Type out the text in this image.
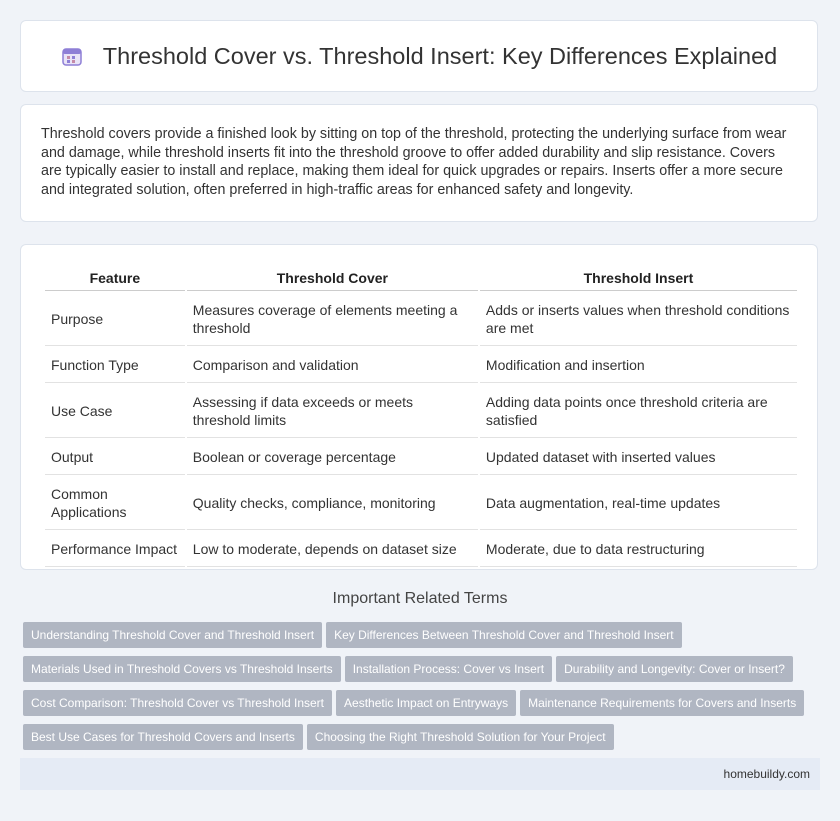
Threshold Cover vs. Threshold Insert: Key Differences Explained

Threshold covers provide a finished look by sitting on top of the threshold, protecting the underlying surface from wear and damage, while threshold inserts fit into the threshold groove to offer added durability and slip resistance. Covers are typically easier to install and replace, making them ideal for quick upgrades or repairs. Inserts offer a more secure and integrated solution, often preferred in high-traffic areas for enhanced safety and longevity.

Feature	Threshold Cover	Threshold Insert
Purpose	Measures coverage of elements meeting a threshold	Adds or inserts values when threshold conditions are met
Function Type	Comparison and validation	Modification and insertion
Use Case	Assessing if data exceeds or meets threshold limits	Adding data points once threshold criteria are satisfied
Output	Boolean or coverage percentage	Updated dataset with inserted values
Common Applications	Quality checks, compliance, monitoring	Data augmentation, real-time updates
Performance Impact	Low to moderate, depends on dataset size	Moderate, due to data restructuring
Important Related Terms
Understanding Threshold Cover and Threshold Insert Key Differences Between Threshold Cover and Threshold Insert
Materials Used in Threshold Covers vs Threshold Inserts Installation Process: Cover vs Insert Durability and Longevity: Cover or Insert?
Cost Comparison: Threshold Cover vs Threshold Insert Aesthetic Impact on Entryways Maintenance Requirements for Covers and Inserts
Best Use Cases for Threshold Covers and Inserts Choosing the Right Threshold Solution for Your Project
homebuildy.com
